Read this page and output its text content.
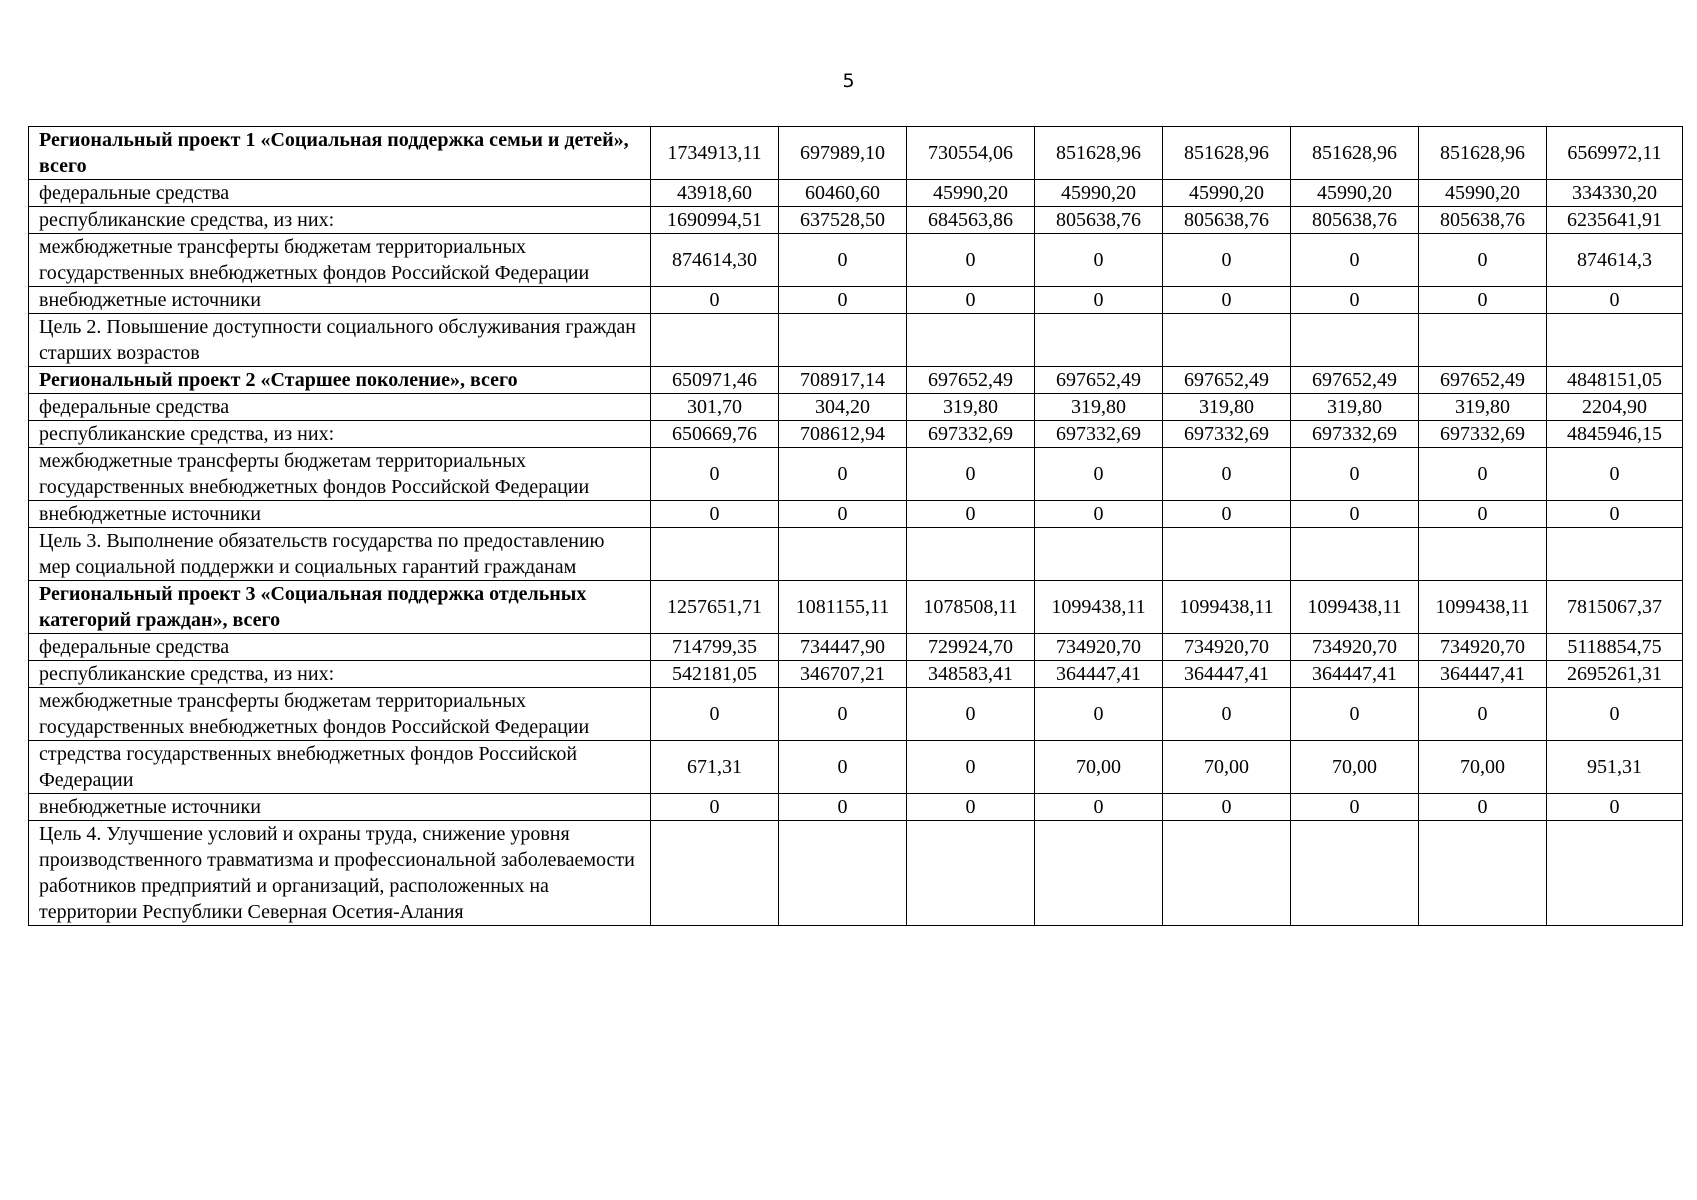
5
Региональный проект 1 «Социальная поддержка семьи и детей», всего	1734913,11	697989,10	730554,06	851628,96	851628,96	851628,96	851628,96	6569972,11
федеральные средства	43918,60	60460,60	45990,20	45990,20	45990,20	45990,20	45990,20	334330,20
республиканские средства, из них:	1690994,51	637528,50	684563,86	805638,76	805638,76	805638,76	805638,76	6235641,91
межбюджетные трансферты бюджетам территориальных государственных внебюджетных фондов Российской Федерации	874614,30	0	0	0	0	0	0	874614,3
внебюджетные источники	0	0	0	0	0	0	0	0
Цель 2. Повышение доступности социального обслуживания граждан старших возрастов								
Региональный проект 2 «Старшее поколение», всего	650971,46	708917,14	697652,49	697652,49	697652,49	697652,49	697652,49	4848151,05
федеральные средства	301,70	304,20	319,80	319,80	319,80	319,80	319,80	2204,90
республиканские средства, из них:	650669,76	708612,94	697332,69	697332,69	697332,69	697332,69	697332,69	4845946,15
межбюджетные трансферты бюджетам территориальных государственных внебюджетных фондов Российской Федерации	0	0	0	0	0	0	0	0
внебюджетные источники	0	0	0	0	0	0	0	0
Цель 3. Выполнение обязательств государства по предоставлению мер социальной поддержки и социальных гарантий гражданам								
Региональный проект 3 «Социальная поддержка отдельных категорий граждан», всего	1257651,71	1081155,11	1078508,11	1099438,11	1099438,11	1099438,11	1099438,11	7815067,37
федеральные средства	714799,35	734447,90	729924,70	734920,70	734920,70	734920,70	734920,70	5118854,75
республиканские средства, из них:	542181,05	346707,21	348583,41	364447,41	364447,41	364447,41	364447,41	2695261,31
межбюджетные трансферты бюджетам территориальных государственных внебюджетных фондов Российской Федерации	0	0	0	0	0	0	0	0
стредства государственных внебюджетных фондов Российской Федерации	671,31	0	0	70,00	70,00	70,00	70,00	951,31
внебюджетные источники	0	0	0	0	0	0	0	0
Цель 4. Улучшение условий и охраны труда, снижение уровня производственного травматизма и профессиональной заболеваемости работников предприятий и организаций, расположенных на территории Республики Северная Осетия-Алания								
